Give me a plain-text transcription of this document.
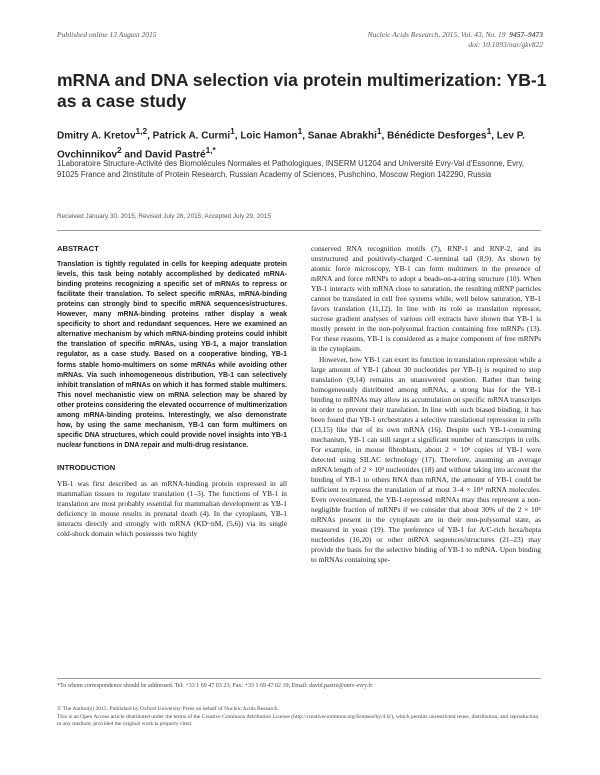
Published online 13 August 2015	Nucleic Acids Research, 2015, Vol. 43, No. 19 9457–9473
doi: 10.1093/nar/gkv822
mRNA and DNA selection via protein multimerization: YB-1 as a case study
Dmitry A. Kretov$^{1,2}$, Patrick A. Curmi$^1$, Loic Hamon$^1$, Sanae Abrakhi$^1$, Bénédicte Desforges$^1$, Lev P. Ovchinnikov$^2$ and David Pastré$^{1,*}$
1Laboratoire Structure-Activité des Biomolécules Normales et Pathologiques, INSERM U1204 and Université Evry-Val d'Essonne, Evry, 91025 France and 2Institute of Protein Research, Russian Academy of Sciences, Pushchino, Moscow Region 142290, Russia
Received January 30, 2015; Revised July 28, 2015; Accepted July 29, 2015
ABSTRACT

Translation is tightly regulated in cells for keeping adequate protein levels, this task being notably accomplished by dedicated mRNA-binding proteins recognizing a specific set of mRNAs to repress or facilitate their translation. To select specific mRNAs, mRNA-binding proteins can strongly bind to specific mRNA sequences/structures. However, many mRNA-binding proteins rather display a weak specificity to short and redundant sequences. Here we examined an alternative mechanism by which mRNA-binding proteins could inhibit the translation of specific mRNAs, using YB-1, a major translation regulator, as a case study. Based on a cooperative binding, YB-1 forms stable homo-multimers on some mRNAs while avoiding other mRNAs. Via such inhomogeneous distribution, YB-1 can selectively inhibit translation of mRNAs on which it has formed stable multimers. This novel mechanistic view on mRNA selection may be shared by other proteins considering the elevated occurrence of multimerization among mRNA-binding proteins. Interestingly, we also demonstrate how, by using the same mechanism, YB-1 can form multimers on specific DNA structures, which could provide novel insights into YB-1 nuclear functions in DNA repair and multi-drug resistance.

INTRODUCTION

YB-1 was first described as an mRNA-binding protein expressed in all mammalian tissues to regulate translation (1–3). The functions of YB-1 in translation are most probably essential for mammalian development as YB-1 deficiency in mouse results in prenatal death (4). In the cytoplasm, YB-1 interacts directly and strongly with mRNA (KD~nM, (5,6)) via its single cold-shock domain which possesses two highly

conserved RNA recognition motifs (7), RNP-1 and RNP-2, and its unstructured and positively-charged C-terminal tail (8,9). As shown by atomic force microscopy, YB-1 can form multimers in the presence of mRNA and force mRNPs to adopt a beads-on-a-string structure (10). When YB-1 interacts with mRNA close to saturation, the resulting mRNP particles cannot be translated in cell free systems while, well below saturation, YB-1 favors translation (11,12). In line with its role as translation repressor, sucrose gradient analyses of various cell extracts have shown that YB-1 is mostly present in the non-polysomal fraction containing free mRNPs (13). For these reasons, YB-1 is considered as a major component of free mRNPs in the cytoplasm.

However, how YB-1 can exert its function in translation repression while a large amount of YB-1 (about 30 nucleotides per YB-1) is required to stop translation (9,14) remains an unanswered question. Rather than being homogeneously distributed among mRNAs, a strong bias for the YB-1 binding to mRNAs may allow its accumulation on specific mRNA transcripts in order to prevent their translation. In line with such biased binding, it has been found that YB-1 orchestrates a selective translational repression in cells (13,15) like that of its own mRNA (16). Despite such YB-1-consuming mechanism, YB-1 can still target a significant number of transcripts in cells. For example, in mouse fibroblasts, about 2 × 10⁶ copies of YB-1 were detected using SILAC technology (17). Therefore, assuming an average mRNA length of 2 × 10³ nucleotides (18) and without taking into account the binding of YB-1 to others RNA than mRNA, the amount of YB-1 could be sufficient to repress the translation of at most 3–4 × 10⁴ mRNA molecules. Even overestimated, the YB-1-repressed mRNAs may thus represent a non-negligible fraction of mRNPs if we consider that about 30% of the 2 × 10⁵ mRNAs present in the cytoplasm are in their non-polysomal state, as measured in yeast (19). The preference of YB-1 for A/C-rich hexa/hepta nucleotides (16,20) or other mRNA sequences/structures (21–23) may provide the basis for the selective binding of YB-1 to mRNA. Upon binding to mRNAs containing spe-

*To whom correspondence should be addressed. Tel: +33 1 69 47 03 23; Fax: +33 1 69 47 02 19; Email: david.pastre@univ-evry.fr
© The Author(s) 2015. Published by Oxford University Press on behalf of Nucleic Acids Research.
This is an Open Access article distributed under the terms of the Creative Commons Attribution License (http://creativecommons.org/licenses/by/4.0/), which permits unrestricted reuse, distribution, and reproduction in any medium, provided the original work is properly cited.
